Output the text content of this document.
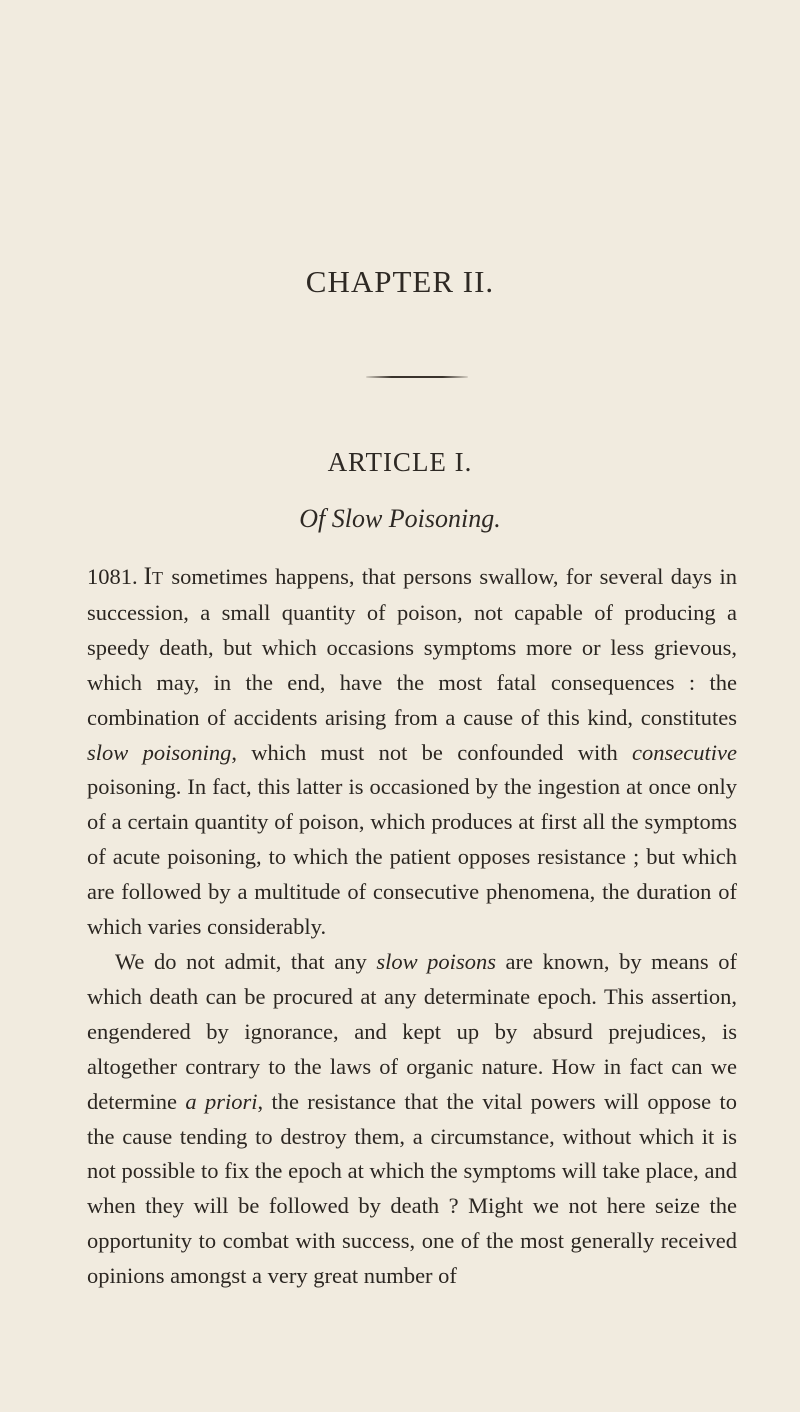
CHAPTER II.
ARTICLE I.
Of Slow Poisoning.

1081. IT sometimes happens, that persons swallow, for several days in succession, a small quantity of poison, not capable of producing a speedy death, but which occasions symptoms more or less grievous, which may, in the end, have the most fatal consequences : the combination of accidents arising from a cause of this kind, constitutes slow poisoning, which must not be confounded with consecutive poisoning. In fact, this latter is occasioned by the ingestion at once only of a certain quantity of poison, which produces at first all the symptoms of acute poisoning, to which the patient opposes resistance ; but which are followed by a multitude of consecutive phenomena, the duration of which varies considerably.

We do not admit, that any slow poisons are known, by means of which death can be procured at any determinate epoch. This assertion, engendered by ignorance, and kept up by absurd prejudices, is altogether contrary to the laws of organic nature. How in fact can we determine a priori, the resistance that the vital powers will oppose to the cause tending to destroy them, a circumstance, without which it is not possible to fix the epoch at which the symptoms will take place, and when they will be followed by death ? Might we not here seize the opportunity to combat with success, one of the most generally received opinions amongst a very great number of
